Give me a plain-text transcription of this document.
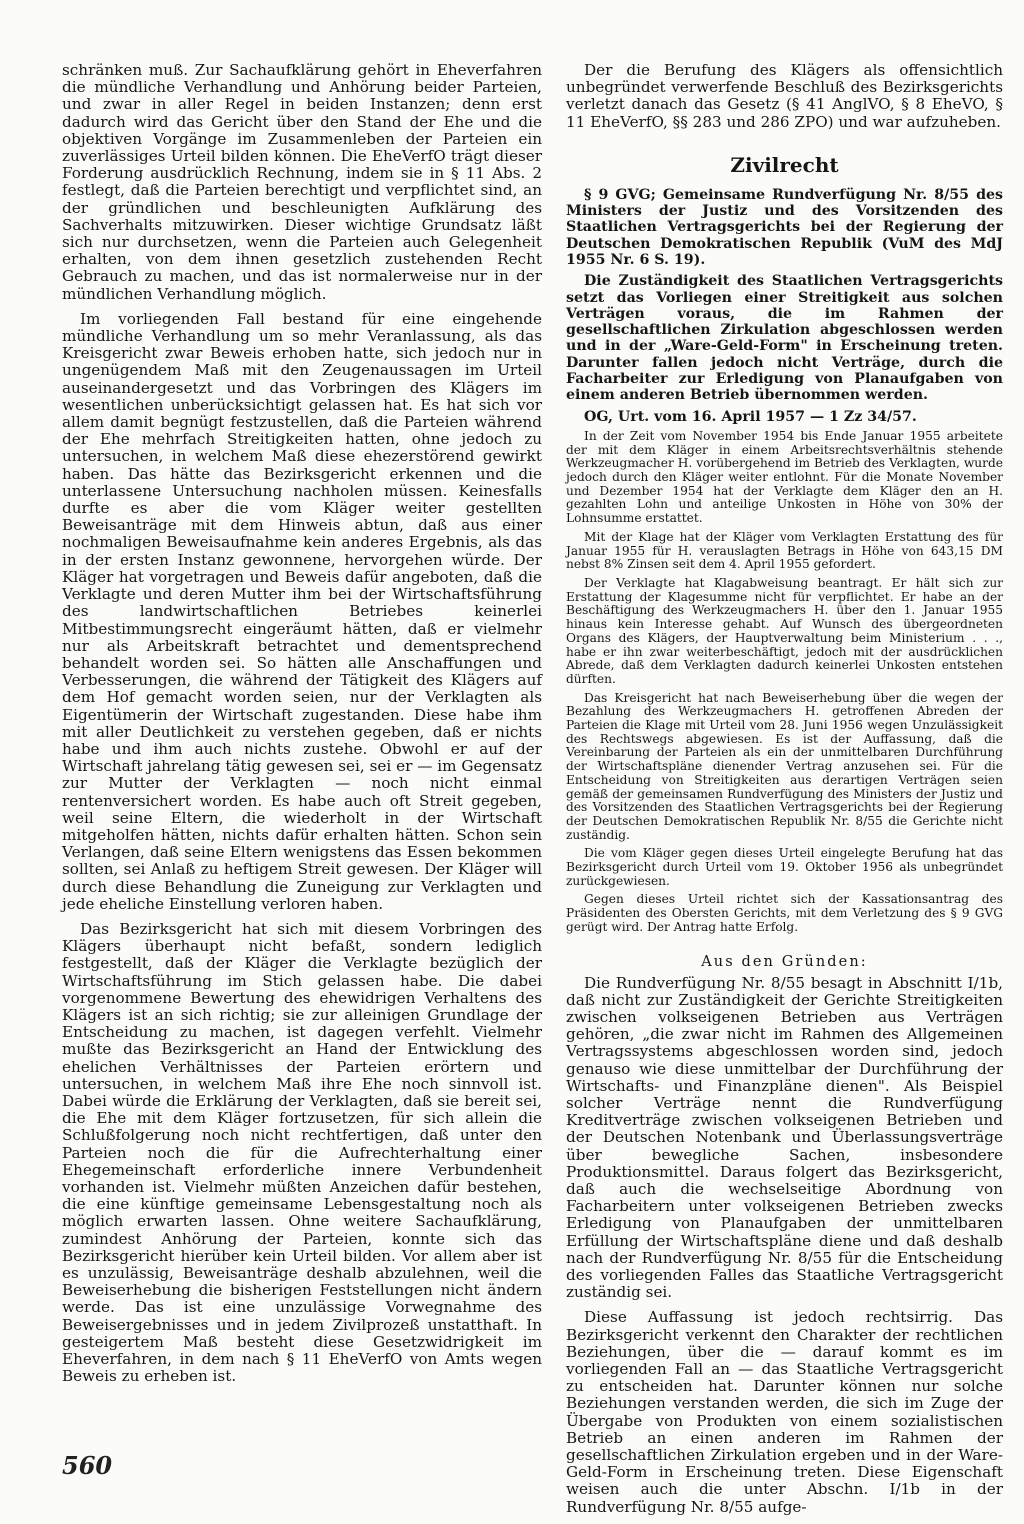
schränken muß. Zur Sachaufklärung gehört in Eheverfahren die mündliche Verhandlung und Anhörung beider Parteien, und zwar in aller Regel in beiden Instanzen; denn erst dadurch wird das Gericht über den Stand der Ehe und die objektiven Vorgänge im Zusammenleben der Parteien ein zuverlässiges Urteil bilden können. Die EheVerfO trägt dieser Forderung ausdrücklich Rechnung, indem sie in § 11 Abs. 2 festlegt, daß die Parteien berechtigt und verpflichtet sind, an der gründlichen und beschleunigten Aufklärung des Sachverhalts mitzuwirken. Dieser wichtige Grundsatz läßt sich nur durchsetzen, wenn die Parteien auch Gelegenheit erhalten, von dem ihnen gesetzlich zustehenden Recht Gebrauch zu machen, und das ist normalerweise nur in der mündlichen Verhandlung möglich.

Im vorliegenden Fall bestand für eine eingehende mündliche Verhandlung um so mehr Veranlassung, als das Kreisgericht zwar Beweis erhoben hatte, sich jedoch nur in ungenügendem Maß mit den Zeugenaussagen im Urteil auseinandergesetzt und das Vorbringen des Klägers im wesentlichen unberücksichtigt gelassen hat. Es hat sich vor allem damit begnügt festzustellen, daß die Parteien während der Ehe mehrfach Streitigkeiten hatten, ohne jedoch zu untersuchen, in welchem Maß diese ehezerstörend gewirkt haben. Das hätte das Bezirksgericht erkennen und die unterlassene Untersuchung nachholen müssen. Keinesfalls durfte es aber die vom Kläger weiter gestellten Beweisanträge mit dem Hinweis abtun, daß aus einer nochmaligen Beweisaufnahme kein anderes Ergebnis, als das in der ersten Instanz gewonnene, hervorgehen würde. Der Kläger hat vorgetragen und Beweis dafür angeboten, daß die Verklagte und deren Mutter ihm bei der Wirtschaftsführung des landwirtschaftlichen Betriebes keinerlei Mitbestimmungsrecht eingeräumt hätten, daß er vielmehr nur als Arbeitskraft betrachtet und dementsprechend behandelt worden sei. So hätten alle Anschaffungen und Verbesserungen, die während der Tätigkeit des Klägers auf dem Hof gemacht worden seien, nur der Verklagten als Eigentümerin der Wirtschaft zugestanden. Diese habe ihm mit aller Deutlichkeit zu verstehen gegeben, daß er nichts habe und ihm auch nichts zustehe. Obwohl er auf der Wirtschaft jahrelang tätig gewesen sei, sei er — im Gegensatz zur Mutter der Verklagten — noch nicht einmal rentenversichert worden. Es habe auch oft Streit gegeben, weil seine Eltern, die wiederholt in der Wirtschaft mitgeholfen hätten, nichts dafür erhalten hätten. Schon sein Verlangen, daß seine Eltern wenigstens das Essen bekommen sollten, sei Anlaß zu heftigem Streit gewesen. Der Kläger will durch diese Behandlung die Zuneigung zur Verklagten und jede eheliche Einstellung verloren haben.

Das Bezirksgericht hat sich mit diesem Vorbringen des Klägers überhaupt nicht befaßt, sondern lediglich festgestellt, daß der Kläger die Verklagte bezüglich der Wirtschaftsführung im Stich gelassen habe. Die dabei vorgenommene Bewertung des ehewidrigen Verhaltens des Klägers ist an sich richtig; sie zur alleinigen Grundlage der Entscheidung zu machen, ist dagegen verfehlt. Vielmehr mußte das Bezirksgericht an Hand der Entwicklung des ehelichen Verhältnisses der Parteien erörtern und untersuchen, in welchem Maß ihre Ehe noch sinnvoll ist. Dabei würde die Erklärung der Verklagten, daß sie bereit sei, die Ehe mit dem Kläger fortzusetzen, für sich allein die Schlußfolgerung noch nicht rechtfertigen, daß unter den Parteien noch die für die Aufrechterhaltung einer Ehegemeinschaft erforderliche innere Verbundenheit vorhanden ist. Vielmehr müßten Anzeichen dafür bestehen, die eine künftige gemeinsame Lebensgestaltung noch als möglich erwarten lassen. Ohne weitere Sachaufklärung, zumindest Anhörung der Parteien, konnte sich das Bezirksgericht hierüber kein Urteil bilden. Vor allem aber ist es unzulässig, Beweisanträge deshalb abzulehnen, weil die Beweiserhebung die bisherigen Feststellungen nicht ändern werde. Das ist eine unzulässige Vorwegnahme des Beweisergebnisses und in jedem Zivilprozeß unstatthaft. In gesteigertem Maß besteht diese Gesetzwidrigkeit im Eheverfahren, in dem nach § 11 EheVerfO von Amts wegen Beweis zu erheben ist.

Der die Berufung des Klägers als offensichtlich unbegründet verwerfende Beschluß des Bezirksgerichts verletzt danach das Gesetz (§ 41 AnglVO, § 8 EheVO, § 11 EheVerfO, §§ 283 und 286 ZPO) und war aufzuheben.

Zivilrecht

§ 9 GVG; Gemeinsame Rundverfügung Nr. 8/55 des Ministers der Justiz und des Vorsitzenden des Staatlichen Vertragsgerichts bei der Regierung der Deutschen Demokratischen Republik (VuM des MdJ 1955 Nr. 6 S. 19).

Die Zuständigkeit des Staatlichen Vertragsgerichts setzt das Vorliegen einer Streitigkeit aus solchen Verträgen voraus, die im Rahmen der gesellschaftlichen Zirkulation abgeschlossen werden und in der „Ware-Geld-Form" in Erscheinung treten. Darunter fallen jedoch nicht Verträge, durch die Facharbeiter zur Erledigung von Planaufgaben von einem anderen Betrieb übernommen werden.

OG, Urt. vom 16. April 1957 — 1 Zz 34/57.

In der Zeit vom November 1954 bis Ende Januar 1955 arbeitete der mit dem Kläger in einem Arbeitsrechtsverhältnis stehende Werkzeugmacher H. vorübergehend im Betrieb des Verklagten, wurde jedoch durch den Kläger weiter entlohnt. Für die Monate November und Dezember 1954 hat der Verklagte dem Kläger den an H. gezahlten Lohn und anteilige Unkosten in Höhe von 30% der Lohnsumme erstattet.

Mit der Klage hat der Kläger vom Verklagten Erstattung des für Januar 1955 für H. verauslagten Betrags in Höhe von 643,15 DM nebst 8% Zinsen seit dem 4. April 1955 gefordert.

Der Verklagte hat Klagabweisung beantragt. Er hält sich zur Erstattung der Klagesumme nicht für verpflichtet. Er habe an der Beschäftigung des Werkzeugmachers H. über den 1. Januar 1955 hinaus kein Interesse gehabt. Auf Wunsch des übergeordneten Organs des Klägers, der Hauptverwaltung beim Ministerium . . ., habe er ihn zwar weiterbeschäftigt, jedoch mit der ausdrücklichen Abrede, daß dem Verklagten dadurch keinerlei Unkosten entstehen dürften.

Das Kreisgericht hat nach Beweiserhebung über die wegen der Bezahlung des Werkzeugmachers H. getroffenen Abreden der Parteien die Klage mit Urteil vom 28. Juni 1956 wegen Unzulässigkeit des Rechtswegs abgewiesen. Es ist der Auffassung, daß die Vereinbarung der Parteien als ein der unmittelbaren Durchführung der Wirtschaftspläne dienender Vertrag anzusehen sei. Für die Entscheidung von Streitigkeiten aus derartigen Verträgen seien gemäß der gemeinsamen Rundverfügung des Ministers der Justiz und des Vorsitzenden des Staatlichen Vertragsgerichts bei der Regierung der Deutschen Demokratischen Republik Nr. 8/55 die Gerichte nicht zuständig.

Die vom Kläger gegen dieses Urteil eingelegte Berufung hat das Bezirksgericht durch Urteil vom 19. Oktober 1956 als unbegründet zurückgewiesen.

Gegen dieses Urteil richtet sich der Kassationsantrag des Präsidenten des Obersten Gerichts, mit dem Verletzung des § 9 GVG gerügt wird. Der Antrag hatte Erfolg.

Aus den Gründen:

Die Rundverfügung Nr. 8/55 besagt in Abschnitt I/1b, daß nicht zur Zuständigkeit der Gerichte Streitigkeiten zwischen volkseigenen Betrieben aus Verträgen gehören, „die zwar nicht im Rahmen des Allgemeinen Vertragssystems abgeschlossen worden sind, jedoch genauso wie diese unmittelbar der Durchführung der Wirtschafts- und Finanzpläne dienen". Als Beispiel solcher Verträge nennt die Rundverfügung Kreditverträge zwischen volkseigenen Betrieben und der Deutschen Notenbank und Überlassungsverträge über bewegliche Sachen, insbesondere Produktionsmittel. Daraus folgert das Bezirksgericht, daß auch die wechselseitige Abordnung von Facharbeitern unter volkseigenen Betrieben zwecks Erledigung von Planaufgaben der unmittelbaren Erfüllung der Wirtschaftspläne diene und daß deshalb nach der Rundverfügung Nr. 8/55 für die Entscheidung des vorliegenden Falles das Staatliche Vertragsgericht zuständig sei.

Diese Auffassung ist jedoch rechtsirrig. Das Bezirksgericht verkennt den Charakter der rechtlichen Beziehungen, über die — darauf kommt es im vorliegenden Fall an — das Staatliche Vertragsgericht zu entscheiden hat. Darunter können nur solche Beziehungen verstanden werden, die sich im Zuge der Übergabe von Produkten von einem sozialistischen Betrieb an einen anderen im Rahmen der gesellschaftlichen Zirkulation ergeben und in der Ware-Geld-Form in Erscheinung treten. Diese Eigenschaft weisen auch die unter Abschn. I/1b in der Rundverfügung Nr. 8/55 aufge-

560
